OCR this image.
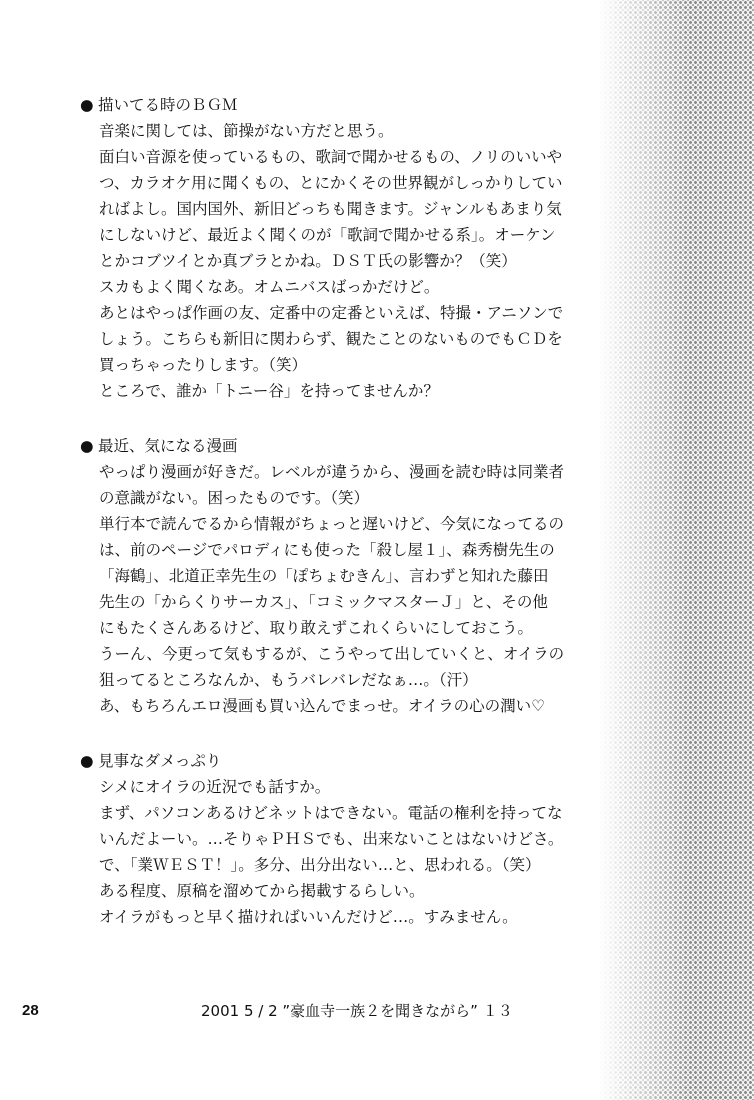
● 描いてる時のＢＧＭ
音楽に関しては、節操がない方だと思う。
面白い音源を使っているもの、歌詞で聞かせるもの、ノリのいいや
つ、カラオケ用に聞くもの、とにかくその世界観がしっかりしてい
ればよし。国内国外、新旧どっちも聞きます。ジャンルもあまり気
にしないけど、最近よく聞くのが「歌詞で聞かせる系」。オーケン
とかコブツイとか真ブラとかね。ＤＳＴ氏の影響か？（笑）
スカもよく聞くなあ。オムニバスばっかだけど。
あとはやっぱ作画の友、定番中の定番といえば、特撮・アニソンで
しょう。こちらも新旧に関わらず、観たことのないものでもＣＤを
買っちゃったりします。（笑）
ところで、誰か「トニー谷」を持ってませんか？
● 最近、気になる漫画
やっぱり漫画が好きだ。レベルが違うから、漫画を読む時は同業者
の意識がない。困ったものです。（笑）
単行本で読んでるから情報がちょっと遅いけど、今気になってるの
は、前のページでパロディにも使った「殺し屋１」、森秀樹先生の
「海鶴」、北道正幸先生の「ぽちょむきん」、言わずと知れた藤田
先生の「からくりサーカス」、「コミックマスターＪ」と、その他
にもたくさんあるけど、取り敢えずこれくらいにしておこう。
うーん、今更って気もするが、こうやって出していくと、オイラの
狙ってるところなんか、もうバレバレだなぁ…。（汗）
あ、もちろんエロ漫画も買い込んでまっせ。オイラの心の潤い♡
● 見事なダメっぷり
シメにオイラの近況でも話すか。
まず、パソコンあるけどネットはできない。電話の権利を持ってな
いんだよーい。…そりゃＰＨＳでも、出来ないことはないけどさ。
で、「業ＷＥＳＴ！」。多分、出分出ない…と、思われる。（笑）
ある程度、原稿を溜めてから掲載するらしい。
オイラがもっと早く描ければいいんだけど…。すみません。
28	2001 5 / 2 ”豪血寺一族２を聞きながら” １３
